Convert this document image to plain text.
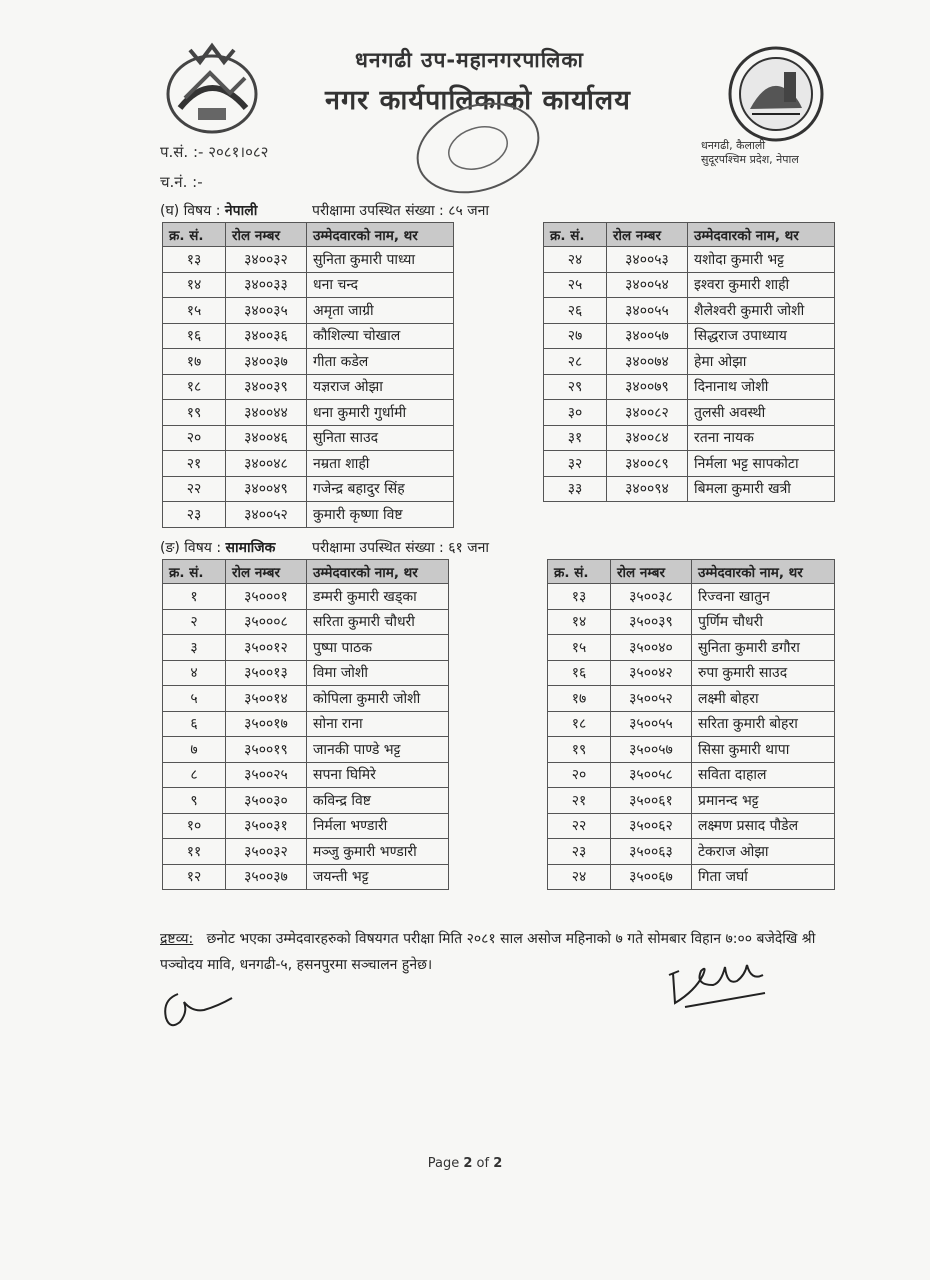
धनगढी उप-महानगरपालिका
नगर कार्यपालिकाको कार्यालय
प.सं. :- २०८१।०८२
च.नं. :-
धनगढी, कैलाली
सुदूरपश्चिम प्रदेश, नेपाल
(घ) विषय : नेपाली	परीक्षामा उपस्थित संख्या : ८५ जना
क्र. सं.	रोल नम्बर	उम्मेदवारको नाम, थर
१३	३४००३२	सुनिता कुमारी पाध्या
१४	३४००३३	धना चन्द
१५	३४००३५	अमृता जाग्री
१६	३४००३६	कौशिल्या चोखाल
१७	३४००३७	गीता कडेल
१८	३४००३९	यज्ञराज ओझा
१९	३४००४४	धना कुमारी गुर्धामी
२०	३४००४६	सुनिता साउद
२१	३४००४८	नम्रता शाही
२२	३४००४९	गजेन्द्र बहादुर सिंह
२३	३४००५२	कुमारी कृष्णा विष्ट
क्र. सं.	रोल नम्बर	उम्मेदवारको नाम, थर
२४	३४००५३	यशोदा कुमारी भट्ट
२५	३४००५४	इश्वरा कुमारी शाही
२६	३४००५५	शैलेश्वरी कुमारी जोशी
२७	३४००५७	सिद्धराज उपाध्याय
२८	३४००७४	हेमा ओझा
२९	३४००७९	दिनानाथ जोशी
३०	३४००८२	तुलसी अवस्थी
३१	३४००८४	रतना नायक
३२	३४००८९	निर्मला भट्ट सापकोटा
३३	३४००९४	बिमला कुमारी खत्री
(ङ) विषय : सामाजिक	परीक्षामा उपस्थित संख्या : ६१ जना
क्र. सं.	रोल नम्बर	उम्मेदवारको नाम, थर
१	३५०००१	डम्मरी कुमारी खड्का
२	३५०००८	सरिता कुमारी चौधरी
३	३५००१२	पुष्पा पाठक
४	३५००१३	विमा जोशी
५	३५००१४	कोपिला कुमारी जोशी
६	३५००१७	सोना राना
७	३५००१९	जानकी पाण्डे भट्ट
८	३५००२५	सपना घिमिरे
९	३५००३०	कविन्द्र विष्ट
१०	३५००३१	निर्मला भण्डारी
११	३५००३२	मञ्जु कुमारी भण्डारी
१२	३५००३७	जयन्ती भट्ट
क्र. सं.	रोल नम्बर	उम्मेदवारको नाम, थर
१३	३५००३८	रिज्वना खातुन
१४	३५००३९	पुर्णिम चौधरी
१५	३५००४०	सुनिता कुमारी डगौरा
१६	३५००४२	रुपा कुमारी साउद
१७	३५००५२	लक्ष्मी बोहरा
१८	३५००५५	सरिता कुमारी बोहरा
१९	३५००५७	सिसा कुमारी थापा
२०	३५००५८	सविता दाहाल
२१	३५००६१	प्रमानन्द भट्ट
२२	३५००६२	लक्ष्मण प्रसाद पौडेल
२३	३५००६३	टेकराज ओझा
२४	३५००६७	गिता जर्घा
द्रष्टव्य: छनोट भएका उम्मेदवारहरुको विषयगत परीक्षा मिति २०८१ साल असोज महिनाको ७ गते सोमबार विहान ७:०० बजेदेखि श्री पञ्चोदय मावि, धनगढी-५, हसनपुरमा सञ्चालन हुनेछ।
Page 2 of 2
